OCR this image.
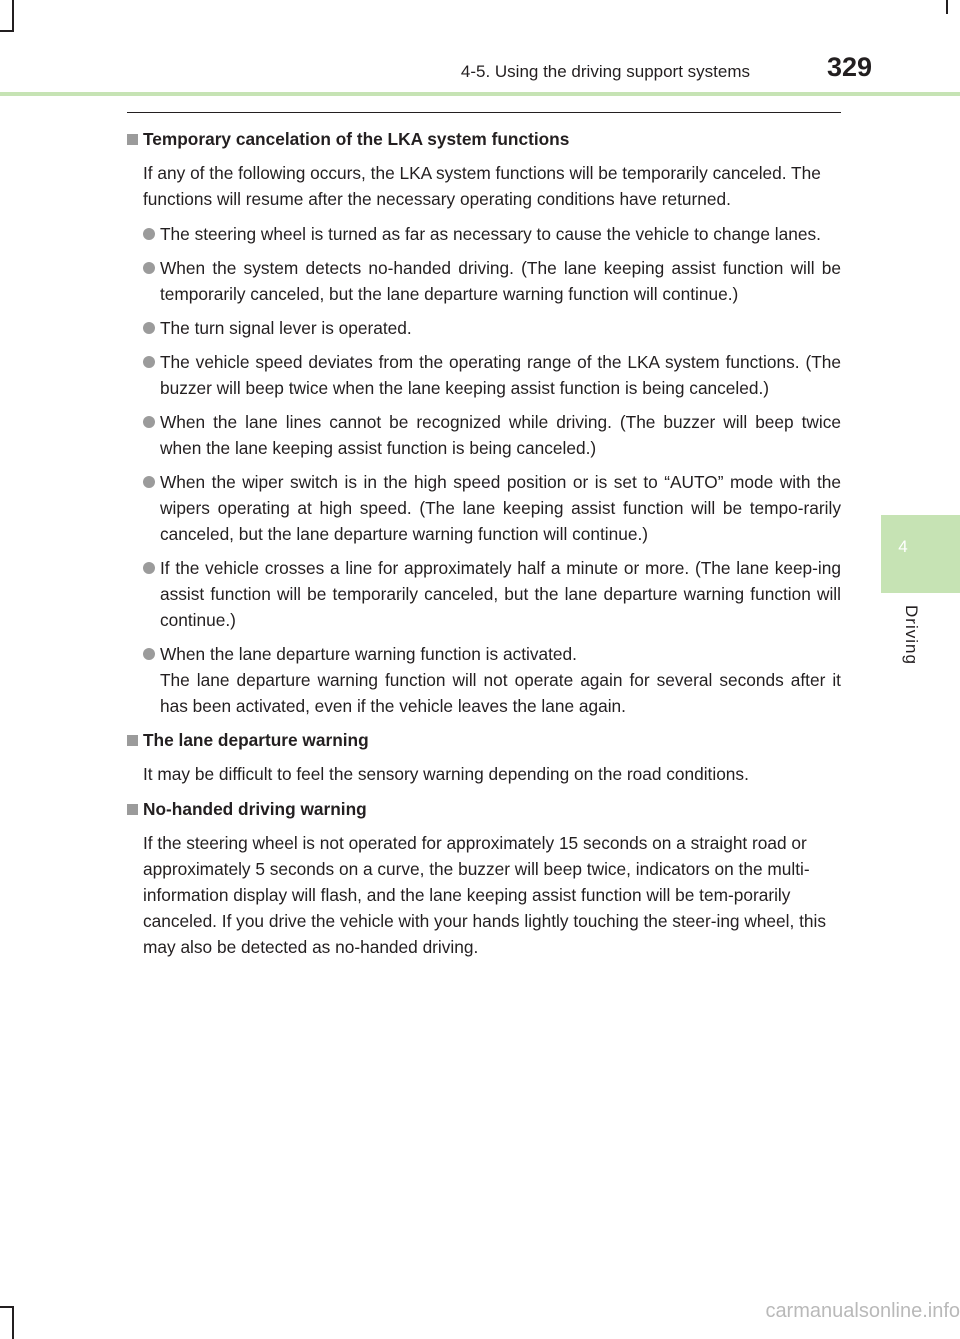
4-5. Using the driving support systems	329
4
Driving
Temporary cancelation of the LKA system functions
If any of the following occurs, the LKA system functions will be temporarily canceled. The functions will resume after the necessary operating conditions have returned.
The steering wheel is turned as far as necessary to cause the vehicle to change lanes.
When the system detects no-handed driving. (The lane keeping assist function will be temporarily canceled, but the lane departure warning function will continue.)
The turn signal lever is operated.
The vehicle speed deviates from the operating range of the LKA system functions. (The buzzer will beep twice when the lane keeping assist function is being canceled.)
When the lane lines cannot be recognized while driving. (The buzzer will beep twice when the lane keeping assist function is being canceled.)
When the wiper switch is in the high speed position or is set to “AUTO” mode with the wipers operating at high speed. (The lane keeping assist function will be tempo-rarily canceled, but the lane departure warning function will continue.)
If the vehicle crosses a line for approximately half a minute or more. (The lane keep-ing assist function will be temporarily canceled, but the lane departure warning function will continue.)
When the lane departure warning function is activated.
The lane departure warning function will not operate again for several seconds after it has been activated, even if the vehicle leaves the lane again.
The lane departure warning
It may be difficult to feel the sensory warning depending on the road conditions.
No-handed driving warning
If the steering wheel is not operated for approximately 15 seconds on a straight road or approximately 5 seconds on a curve, the buzzer will beep twice, indicators on the multi-information display will flash, and the lane keeping assist function will be tem-porarily canceled. If you drive the vehicle with your hands lightly touching the steer-ing wheel, this may also be detected as no-handed driving.
carmanualsonline.info
